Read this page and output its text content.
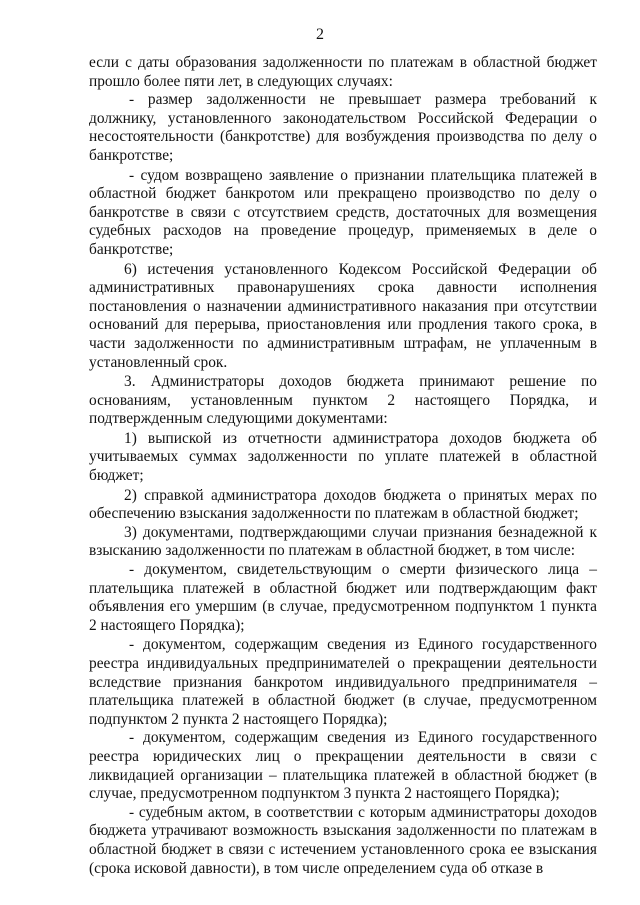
2

если с даты образования задолженности по платежам в областной бюджет прошло более пяти лет, в следующих случаях:

- размер задолженности не превышает размера требований к должнику, установленного законодательством Российской Федерации о несостоятельности (банкротстве) для возбуждения производства по делу о банкротстве;

- судом возвращено заявление о признании плательщика платежей в областной бюджет банкротом или прекращено производство по делу о банкротстве в связи с отсутствием средств, достаточных для возмещения судебных расходов на проведение процедур, применяемых в деле о банкротстве;

6) истечения установленного Кодексом Российской Федерации об административных правонарушениях срока давности исполнения постановления о назначении административного наказания при отсутствии оснований для перерыва, приостановления или продления такого срока, в части задолженности по административным штрафам, не уплаченным в установленный срок.

3. Администраторы доходов бюджета принимают решение по основаниям, установленным пунктом 2 настоящего Порядка, и подтвержденным следующими документами:

1) выпиской из отчетности администратора доходов бюджета об учитываемых суммах задолженности по уплате платежей в областной бюджет;

2) справкой администратора доходов бюджета о принятых мерах по обеспечению взыскания задолженности по платежам в областной бюджет;

3) документами, подтверждающими случаи признания безнадежной к взысканию задолженности по платежам в областной бюджет, в том числе:

- документом, свидетельствующим о смерти физического лица – плательщика платежей в областной бюджет или подтверждающим факт объявления его умершим (в случае, предусмотренном подпунктом 1 пункта 2 настоящего Порядка);

- документом, содержащим сведения из Единого государственного реестра индивидуальных предпринимателей о прекращении деятельности вследствие признания банкротом индивидуального предпринимателя – плательщика платежей в областной бюджет (в случае, предусмотренном подпунктом 2 пункта 2 настоящего Порядка);

- документом, содержащим сведения из Единого государственного реестра юридических лиц о прекращении деятельности в связи с ликвидацией организации – плательщика платежей в областной бюджет (в случае, предусмотренном подпунктом 3 пункта 2 настоящего Порядка);

- судебным актом, в соответствии с которым администраторы доходов бюджета утрачивают возможность взыскания задолженности по платежам в областной бюджет в связи с истечением установленного срока ее взыскания (срока исковой давности), в том числе определением суда об отказе в
